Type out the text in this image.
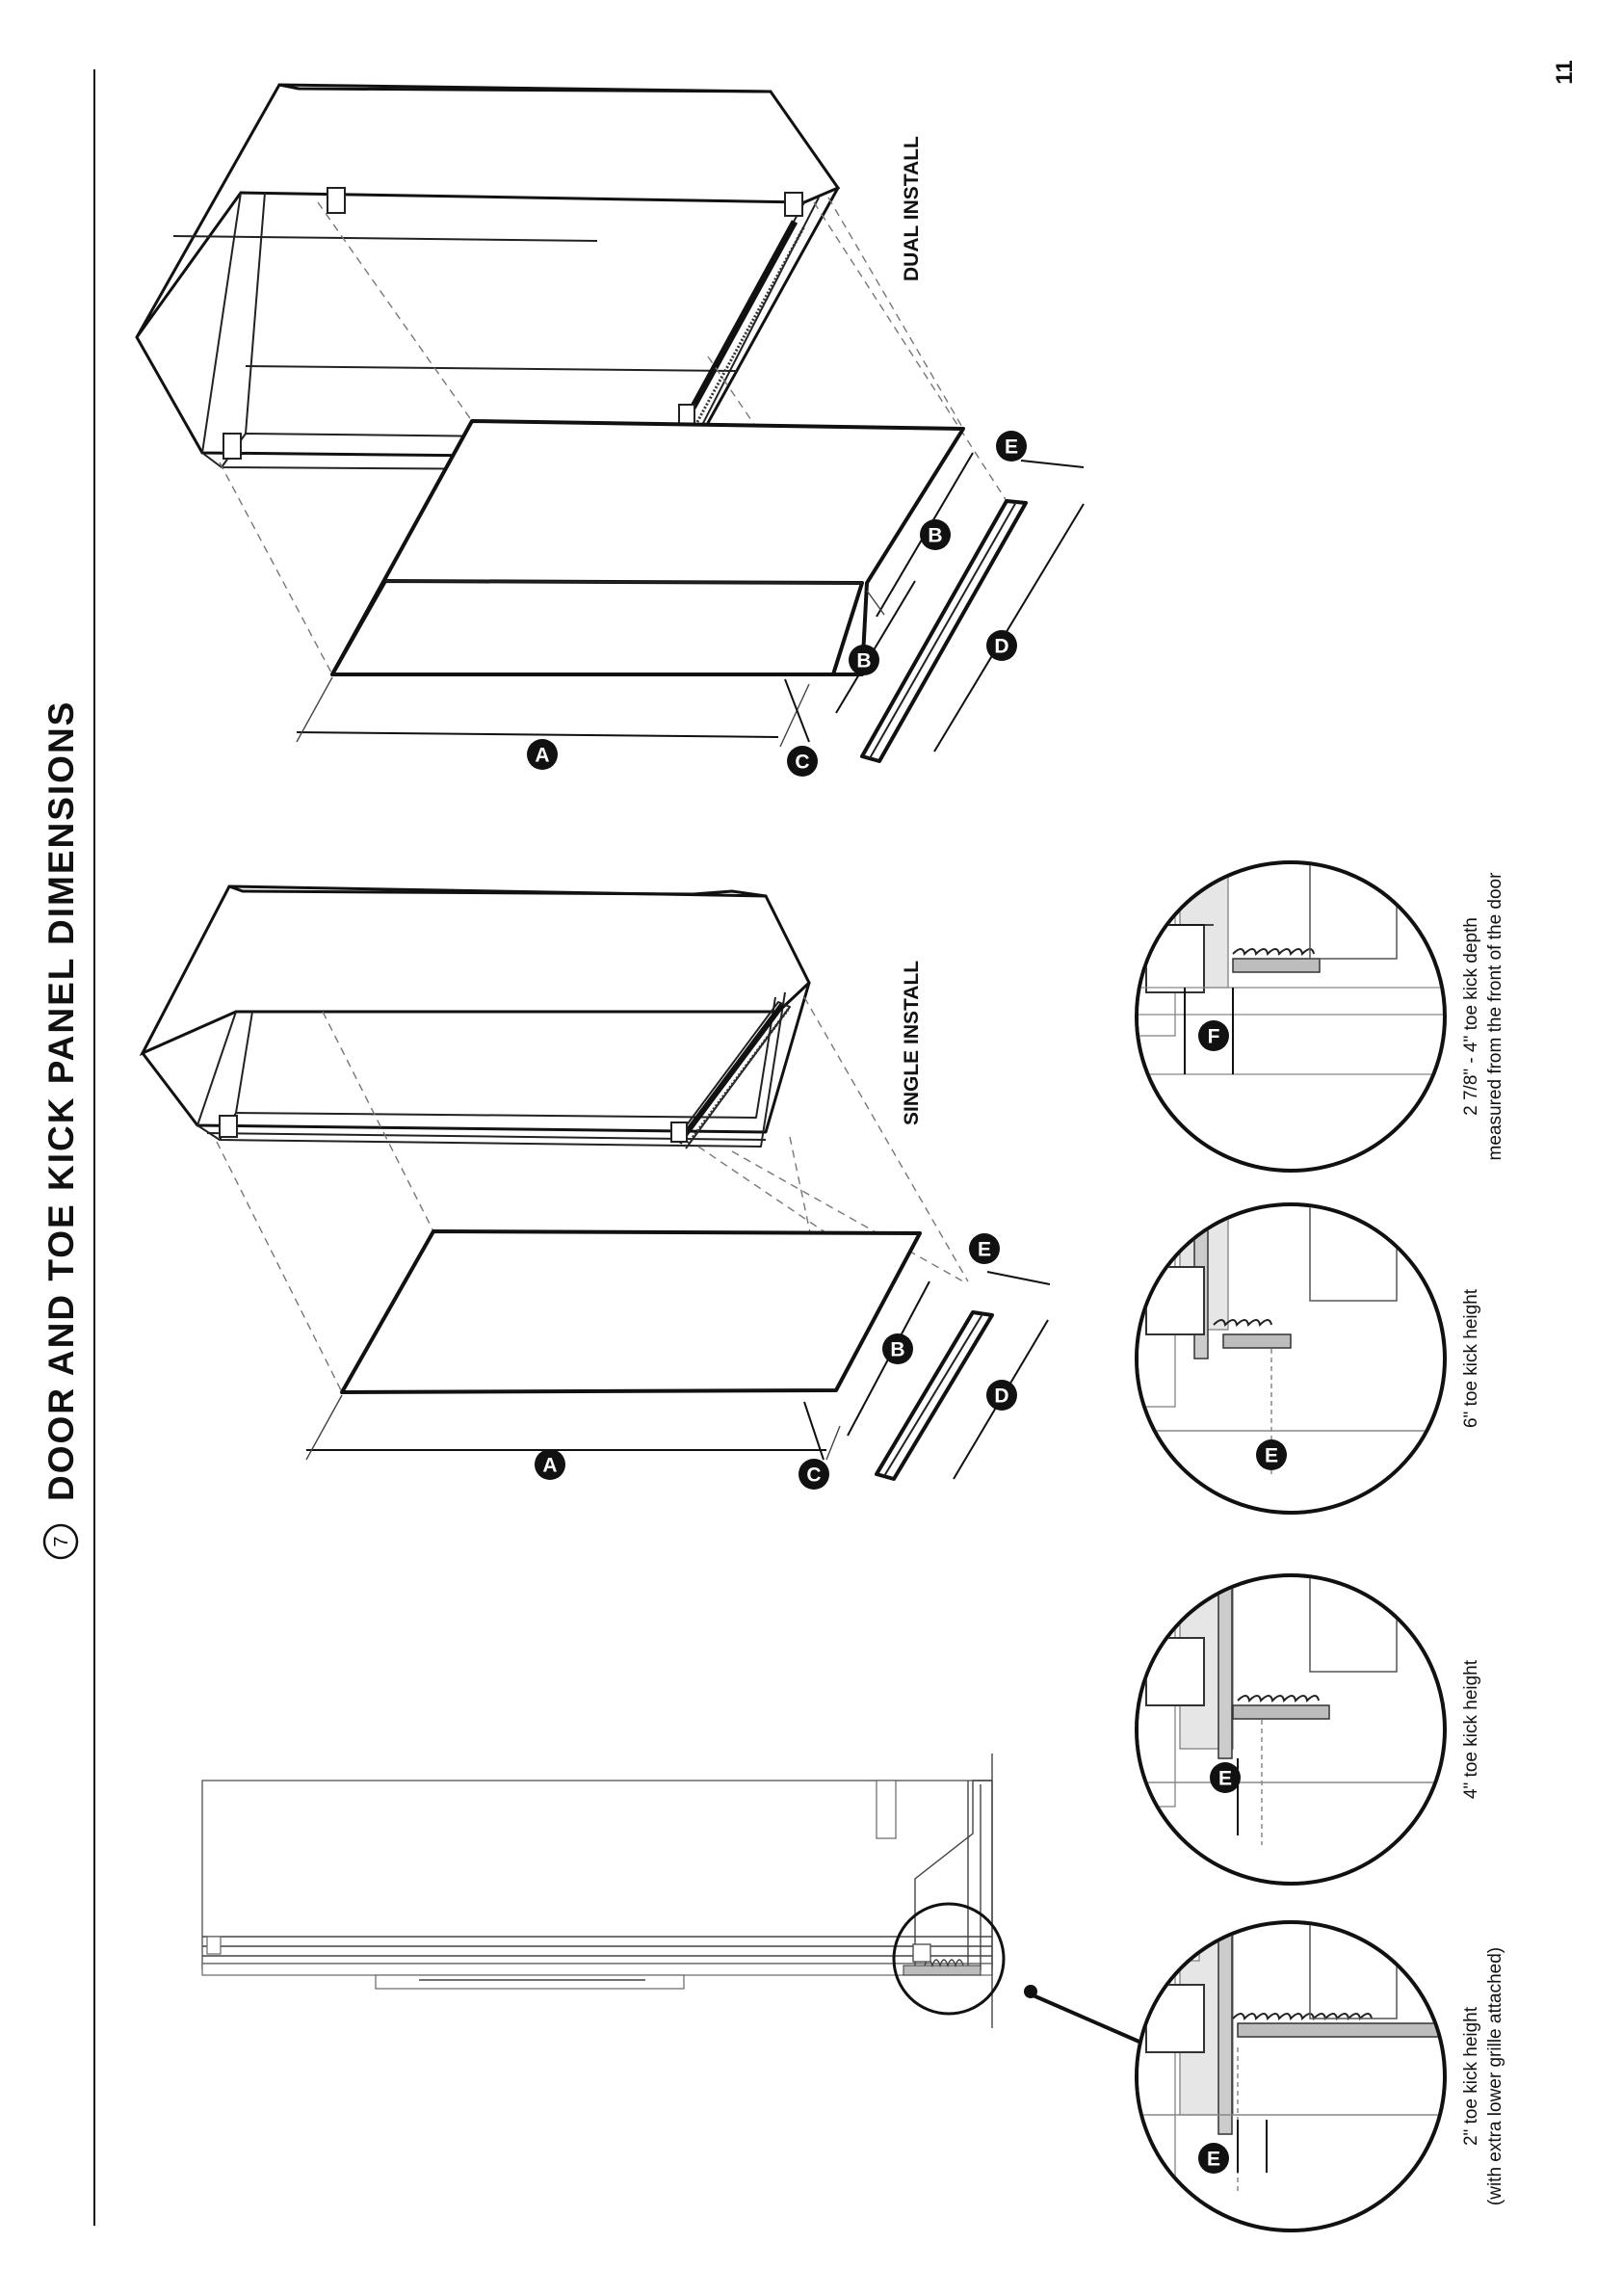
11
7
DOOR AND TOE KICK PANEL DIMENSIONS	A
B
C
D
E
SINGLE INSTALL
A
B
B
C
D
E
DUAL INSTALL
E
E
E
F
2" toe kick height (with extra lower grille attached)
4" toe kick height
6" toe kick height
2 7/8" - 4" toe kick depth measured from the front of the door
